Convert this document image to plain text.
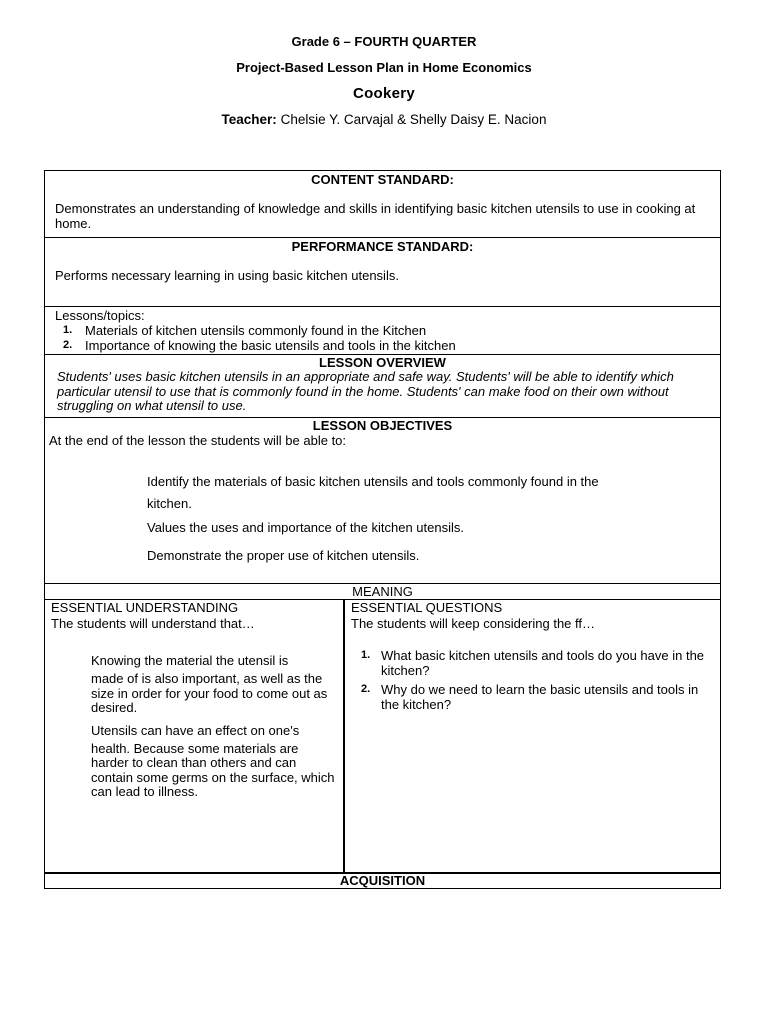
Grade 6 – FOURTH QUARTER
Project-Based Lesson Plan in Home Economics
Cookery
Teacher: Chelsie Y. Carvajal & Shelly Daisy E. Nacion
CONTENT STANDARD:
Demonstrates an understanding of knowledge and skills in identifying basic kitchen utensils to use in cooking at home.
PERFORMANCE STANDARD:
Performs necessary learning in using basic kitchen utensils.
Lessons/topics:
1. Materials of kitchen utensils commonly found in the Kitchen
2. Importance of knowing the basic utensils and tools in the kitchen
LESSON OVERVIEW
Students' uses basic kitchen utensils in an appropriate and safe way. Students' will be able to identify which particular utensil to use that is commonly found in the home. Students' can make food on their own without struggling on what utensil to use.
LESSON OBJECTIVES
At the end of the lesson the students will be able to:
Identify the materials of basic kitchen utensils and tools commonly found in the
kitchen.
Values the uses and importance of the kitchen utensils.
Demonstrate the proper use of kitchen utensils.
MEANING
ESSENTIAL UNDERSTANDING
The students will understand that…

Knowing the material the utensil is

made of is also important, as well as the size in order for your food to come out as desired.

Utensils can have an effect on one's

health. Because some materials are harder to clean than others and can contain some germs on the surface, which can lead to illness.

ESSENTIAL QUESTIONS
The students will keep considering the ff…
1. What basic kitchen utensils and tools do you have in the kitchen?
2. Why do we need to learn the basic utensils and tools in the kitchen?
ACQUISITION
